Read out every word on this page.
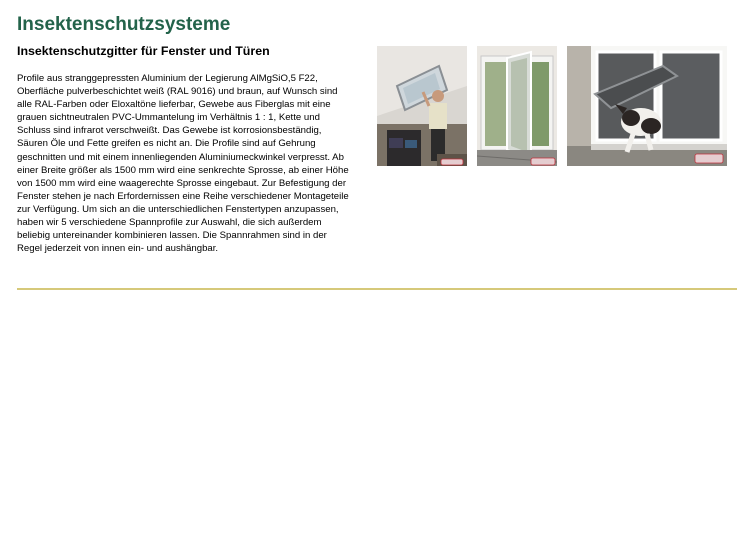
Insektenschutzsysteme
Insektenschutzgitter für Fenster und Türen

Profile aus stranggepressten Aluminium der Legierung AlMgSiO,5 F22, Oberfläche pulverbeschichtet weiß (RAL 9016) und braun, auf Wunsch sind alle RAL-Farben oder Eloxaltöne lieferbar, Gewebe aus Fiberglas mit eine grauen sichtneutralen PVC-Ummantelung im Verhältnis 1 : 1, Kette und Schluss sind infrarot verschweißt. Das Gewebe ist korrosionsbeständig, Säuren Öle und Fette greifen es nicht an. Die Profile sind auf Gehrung geschnitten und mit einem innenliegenden Aluminiumeckwinkel verpresst. Ab einer Breite größer als 1500 mm wird eine senkrechte Sprosse, ab einer Höhe von 1500 mm wird eine waagerechte Sprosse eingebaut. Zur Befestigung der Fenster stehen je nach Erfordernissen eine Reihe verschiedener Montageteile zur Verfügung. Um sich an die unterschiedlichen Fenstertypen anzupassen, haben wir 5 verschiedene Spannprofile zur Auswahl, die sich außerdem beliebig untereinander kombinieren lassen. Die Spannrahmen sind in der Regel jederzeit von innen ein- und aushängbar.
